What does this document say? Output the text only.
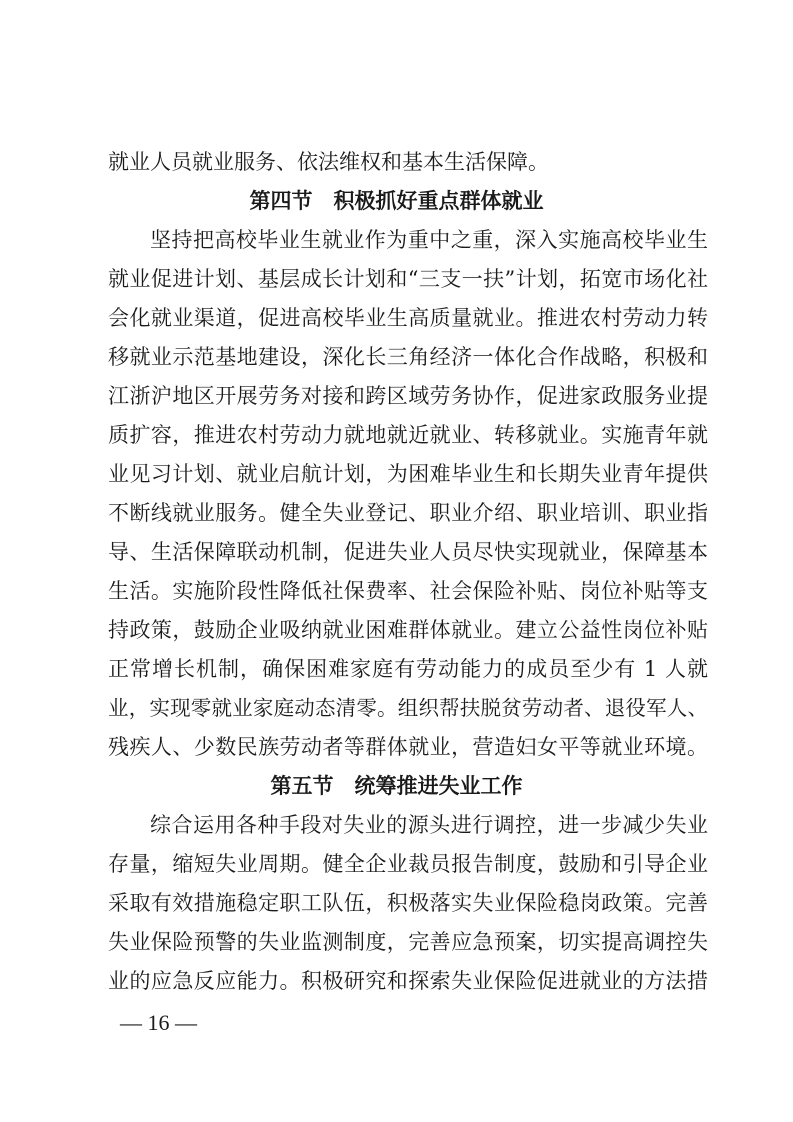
就业人员就业服务、依法维权和基本生活保障。
第四节　积极抓好重点群体就业
坚持把高校毕业生就业作为重中之重，深入实施高校毕业生
就业促进计划、基层成长计划和“三支一扶”计划，拓宽市场化社
会化就业渠道，促进高校毕业生高质量就业。推进农村劳动力转
移就业示范基地建设，深化长三角经济一体化合作战略，积极和
江浙沪地区开展劳务对接和跨区域劳务协作，促进家政服务业提
质扩容，推进农村劳动力就地就近就业、转移就业。实施青年就
业见习计划、就业启航计划，为困难毕业生和长期失业青年提供
不断线就业服务。健全失业登记、职业介绍、职业培训、职业指
导、生活保障联动机制，促进失业人员尽快实现就业，保障基本
生活。实施阶段性降低社保费率、社会保险补贴、岗位补贴等支
持政策，鼓励企业吸纳就业困难群体就业。建立公益性岗位补贴
正常增长机制，确保困难家庭有劳动能力的成员至少有 1 人就
业，实现零就业家庭动态清零。组织帮扶脱贫劳动者、退役军人、
残疾人、少数民族劳动者等群体就业，营造妇女平等就业环境。
第五节　统筹推进失业工作
综合运用各种手段对失业的源头进行调控，进一步减少失业
存量，缩短失业周期。健全企业裁员报告制度，鼓励和引导企业
采取有效措施稳定职工队伍，积极落实失业保险稳岗政策。完善
失业保险预警的失业监测制度，完善应急预案，切实提高调控失
业的应急反应能力。积极研究和探索失业保险促进就业的方法措
— 16 —
